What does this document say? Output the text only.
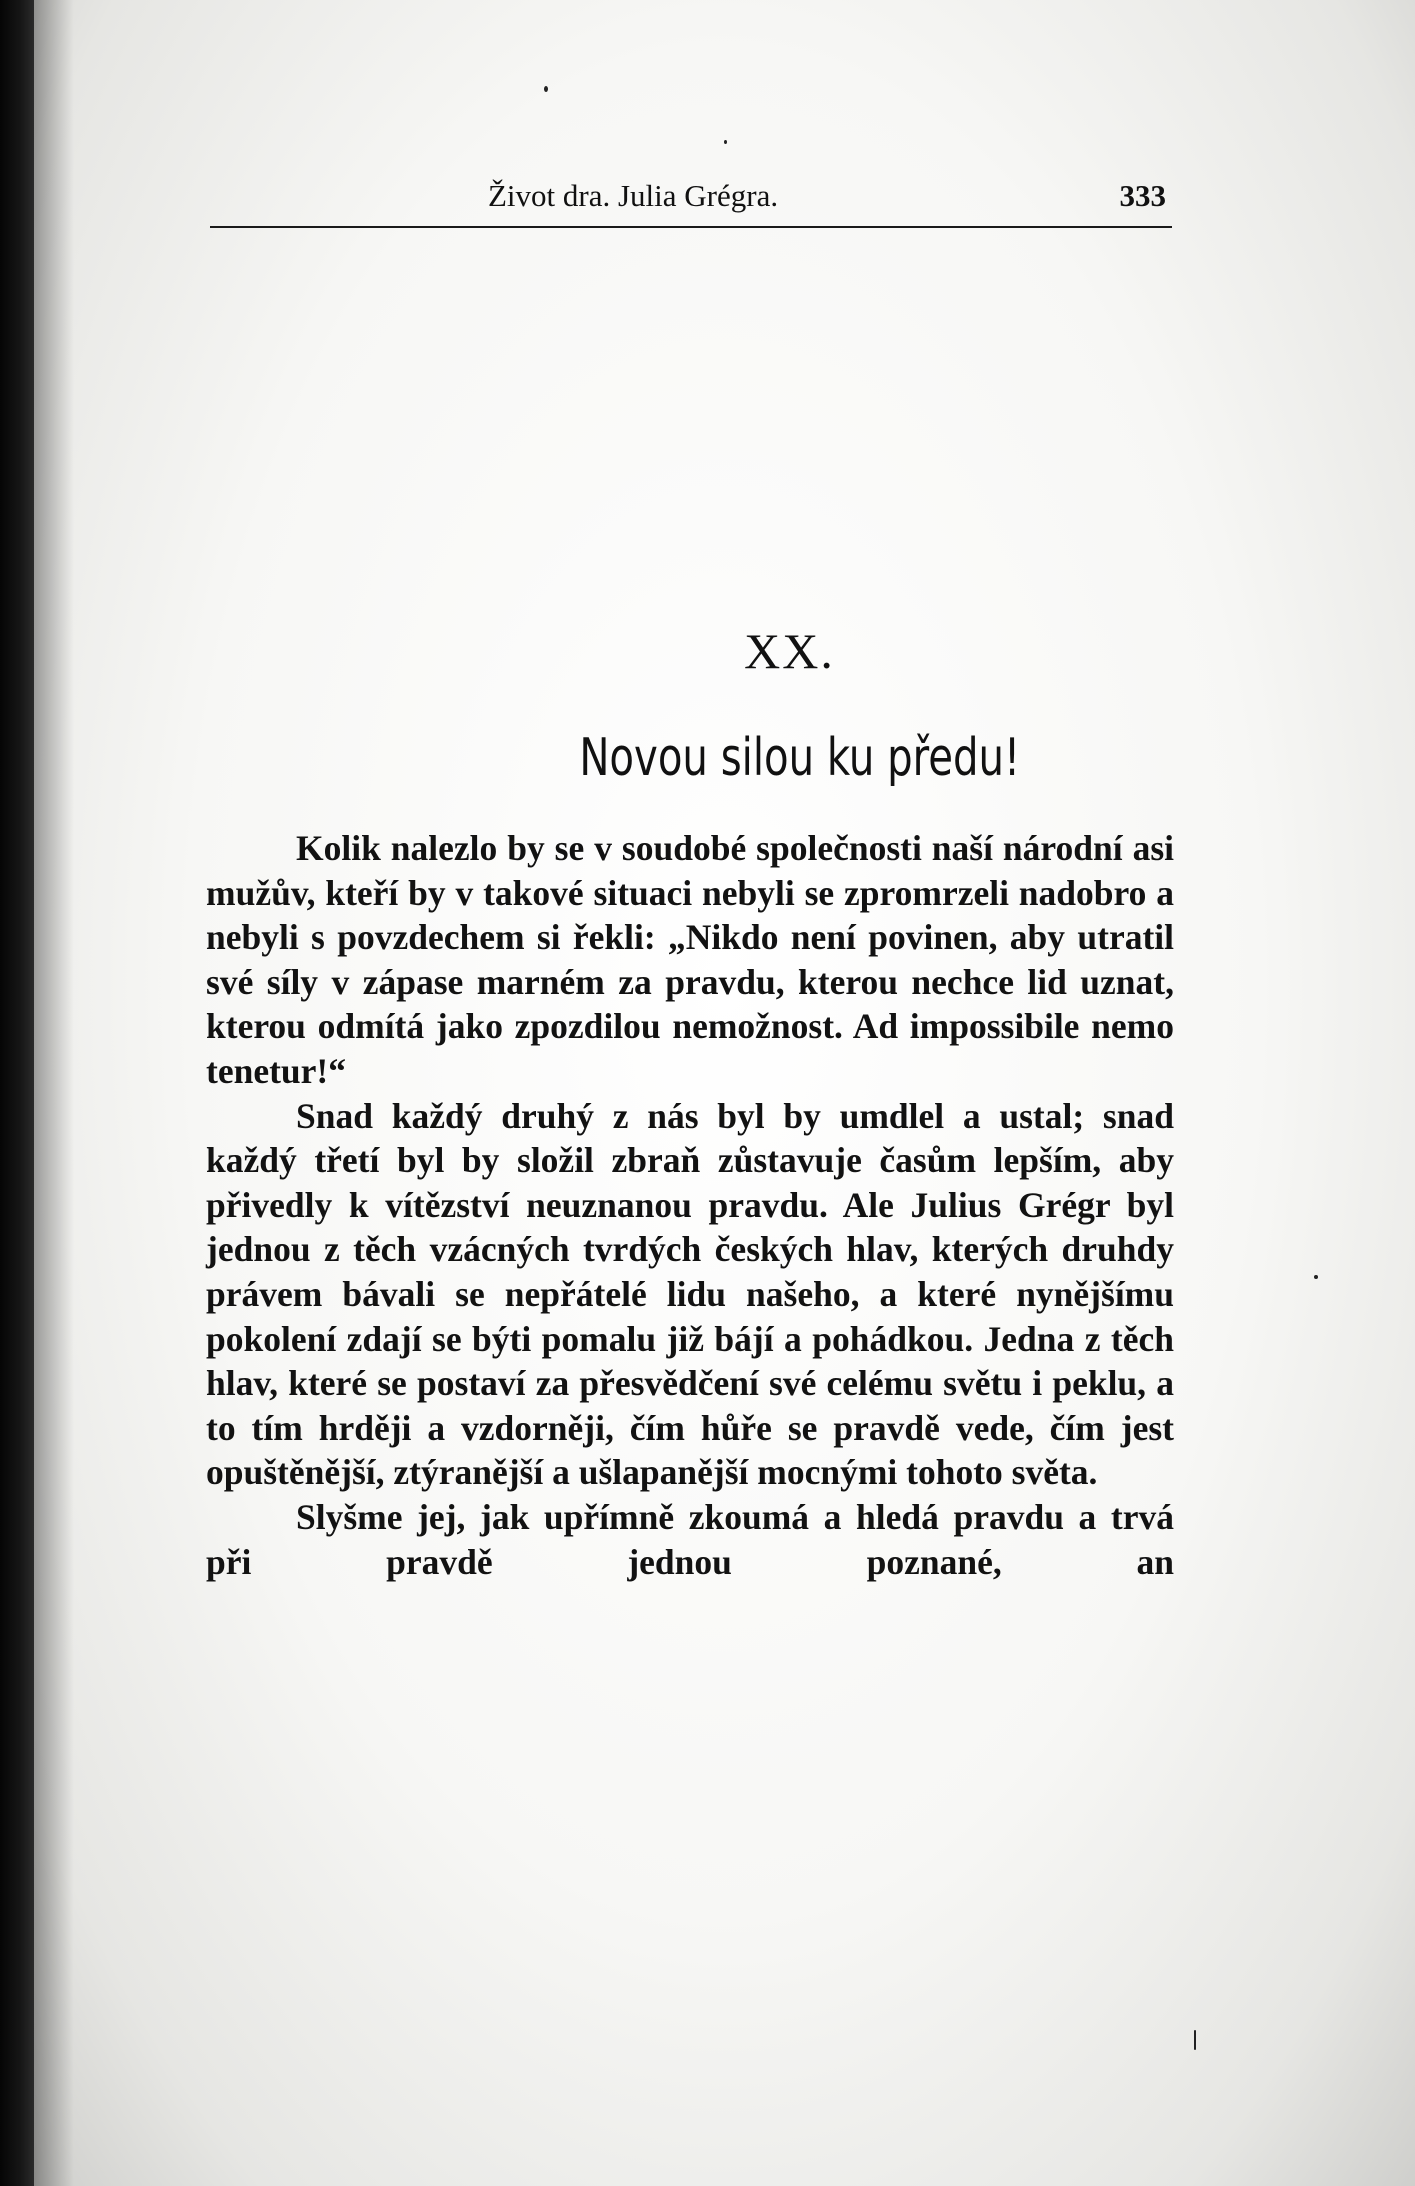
Život dra. Julia Grégra.	333
XX.
Novou silou ku předu!

Kolik nalezlo by se v soudobé společnosti naší národní asi mužův, kteří by v takové situaci nebyli se zpromrzeli nadobro a nebyli s povzdechem si řekli: „Nikdo není povinen, aby utratil své síly v zápase marném za pravdu, kterou nechce lid uznat, kterou odmítá jako zpozdilou nemožnost. Ad impossibile nemo tenetur!“

Snad každý druhý z nás byl by umdlel a ustal; snad každý třetí byl by složil zbraň zůstavuje časům lepším, aby přivedly k vítězství neuznanou pravdu. Ale Julius Grégr byl jednou z těch vzácných tvrdých českých hlav, kterých druhdy právem bávali se nepřátelé lidu našeho, a které nynějšímu pokolení zdají se býti pomalu již bájí a pohádkou. Jedna z těch hlav, které se postaví za přesvědčení své celému světu i peklu, a to tím hrději a vzdorněji, čím hůře se pravdě vede, čím jest opuštěnější, ztýranější a ušlapanější mocnými tohoto světa.

Slyšme jej, jak upřímně zkoumá a hledá pravdu a trvá při pravdě jednou poznané, an
